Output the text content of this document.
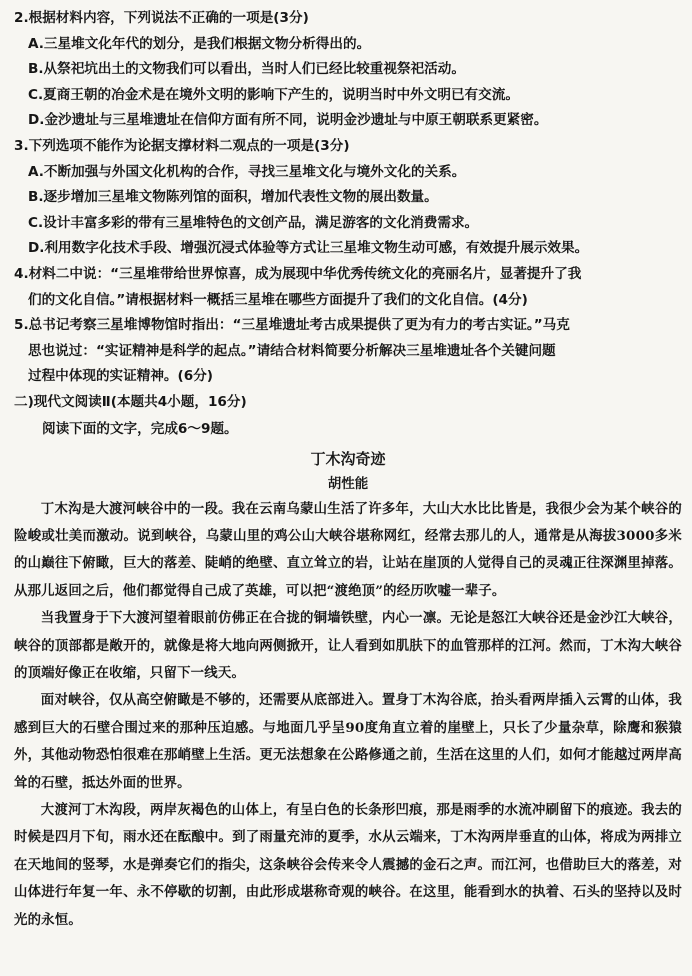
2.根据材料内容，下列说法不正确的一项是(3分)
A.三星堆文化年代的划分，是我们根据文物分析得出的。
B.从祭祀坑出土的文物我们可以看出，当时人们已经比较重视祭祀活动。
C.夏商王朝的冶金术是在境外文明的影响下产生的，说明当时中外文明已有交流。
D.金沙遗址与三星堆遗址在信仰方面有所不同，说明金沙遗址与中原王朝联系更紧密。
3.下列选项不能作为论据支撑材料二观点的一项是(3分)
A.不断加强与外国文化机构的合作，寻找三星堆文化与境外文化的关系。
B.逐步增加三星堆文物陈列馆的面积，增加代表性文物的展出数量。
C.设计丰富多彩的带有三星堆特色的文创产品，满足游客的文化消费需求。
D.利用数字化技术手段、增强沉浸式体验等方式让三星堆文物生动可感，有效提升展示效果。
4.材料二中说：“三星堆带给世界惊喜，成为展现中华优秀传统文化的亮丽名片，显著提升了我
们的文化自信。”请根据材料一概括三星堆在哪些方面提升了我们的文化自信。(4分)
5.总书记考察三星堆博物馆时指出：“三星堆遗址考古成果提供了更为有力的考古实证。”马克
思也说过：“实证精神是科学的起点。”请结合材料简要分析解决三星堆遗址各个关键问题
过程中体现的实证精神。(6分)
二)现代文阅读Ⅱ(本题共4小题，16分)
阅读下面的文字，完成6～9题。
丁木沟奇迹
胡性能

丁木沟是大渡河峡谷中的一段。我在云南乌蒙山生活了许多年，大山大水比比皆是，我很少会为某个峡谷的险峻或壮美而激动。说到峡谷，乌蒙山里的鸡公山大峡谷堪称网红，经常去那儿的人，通常是从海拔3000多米的山巅往下俯瞰，巨大的落差、陡峭的绝壁、直立耸立的岩，让站在崖顶的人觉得自己的灵魂正往深渊里掉落。从那儿返回之后，他们都觉得自己成了英雄，可以把“渡绝顶”的经历吹嘘一辈子。

当我置身于下大渡河望着眼前仿佛正在合拢的铜墙铁壁，内心一凛。无论是怒江大峡谷还是金沙江大峡谷，峡谷的顶部都是敞开的，就像是将大地向两侧掀开，让人看到如肌肤下的血管那样的江河。然而，丁木沟大峡谷的顶端好像正在收缩，只留下一线天。

面对峡谷，仅从高空俯瞰是不够的，还需要从底部进入。置身丁木沟谷底，抬头看两岸插入云霄的山体，我感到巨大的石壁合围过来的那种压迫感。与地面几乎呈90度角直立着的崖壁上，只长了少量杂草，除鹰和猴猿外，其他动物恐怕很难在那峭壁上生活。更无法想象在公路修通之前，生活在这里的人们，如何才能越过两岸高耸的石壁，抵达外面的世界。

大渡河丁木沟段，两岸灰褐色的山体上，有呈白色的长条形凹痕，那是雨季的水流冲刷留下的痕迹。我去的时候是四月下旬，雨水还在酝酿中。到了雨量充沛的夏季，水从云端来，丁木沟两岸垂直的山体，将成为两排立在天地间的竖琴，水是弹奏它们的指尖，这条峡谷会传来令人震撼的金石之声。而江河，也借助巨大的落差，对山体进行年复一年、永不停歇的切割，由此形成堪称奇观的峡谷。在这里，能看到水的执着、石头的坚持以及时光的永恒。
